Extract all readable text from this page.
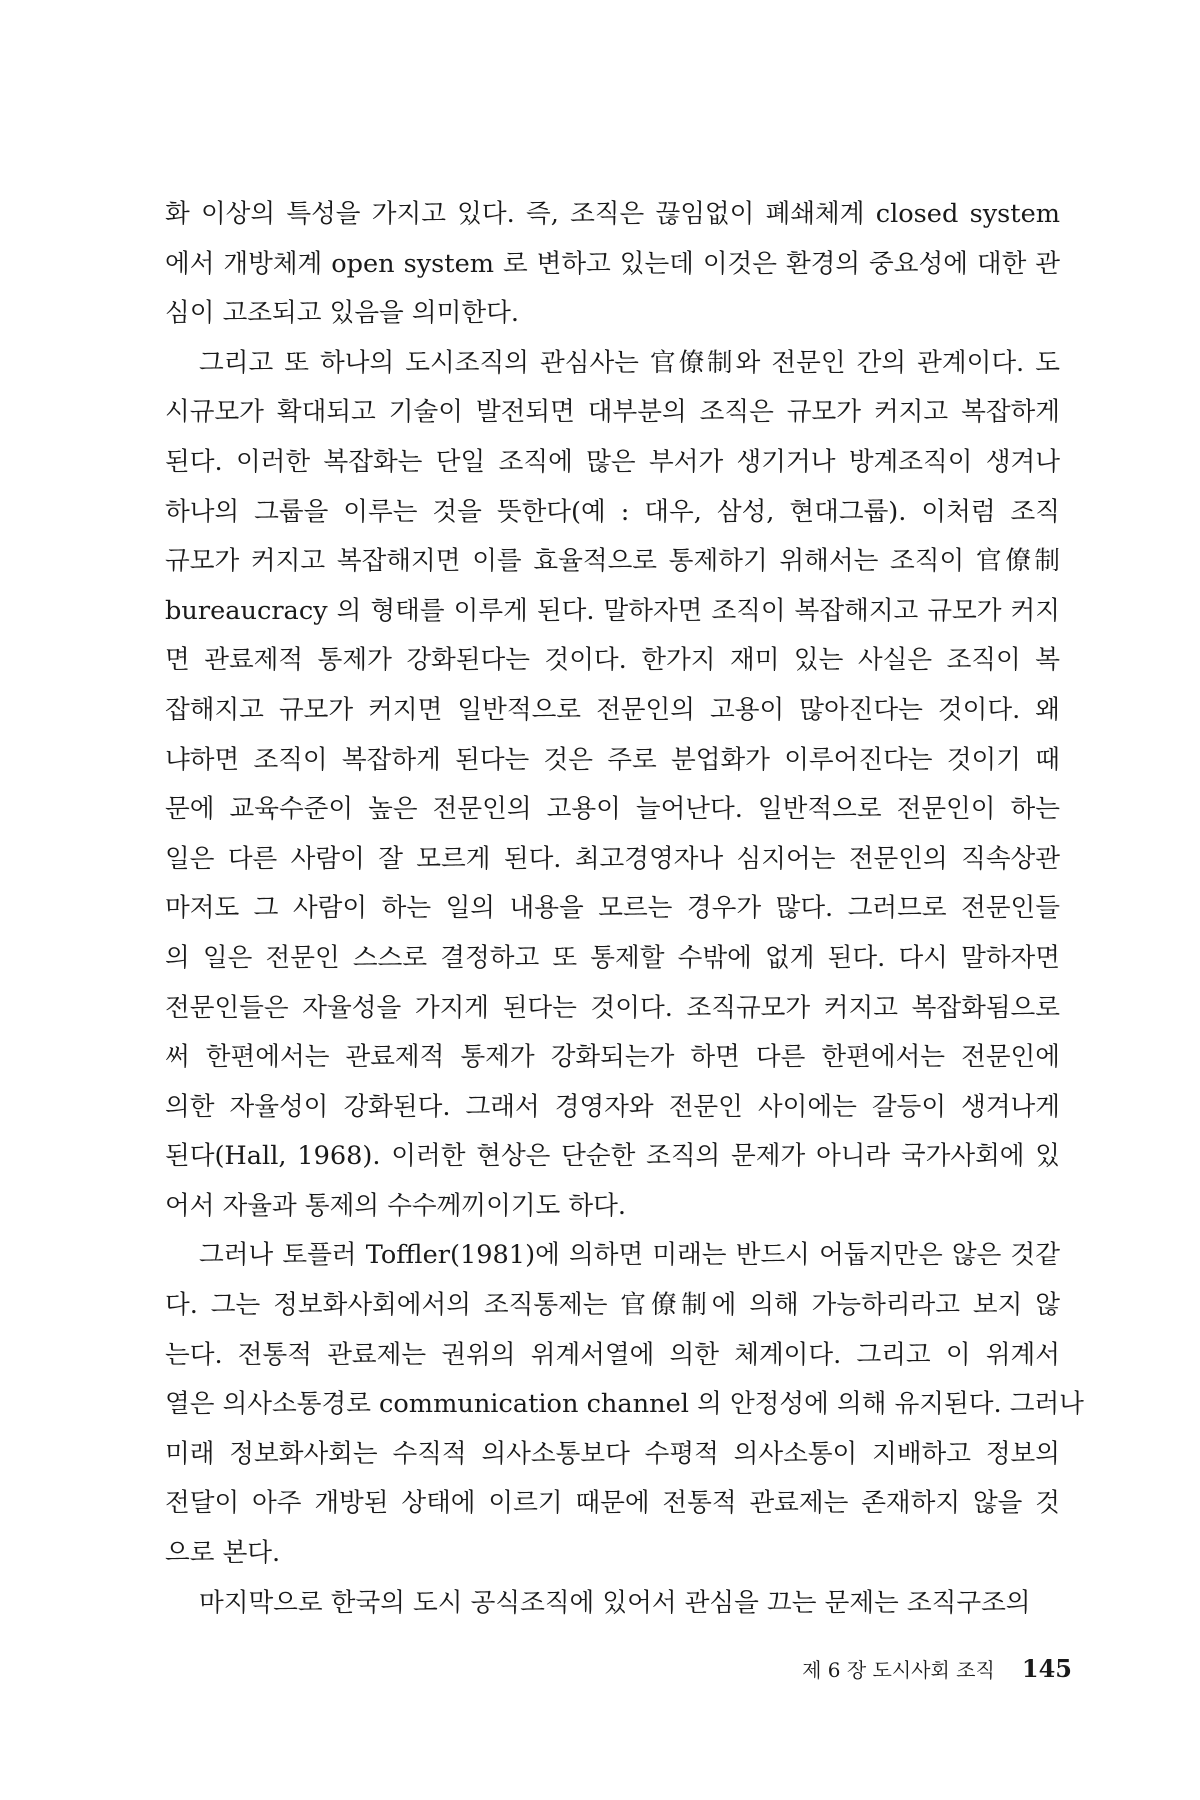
화 이상의 특성을 가지고 있다. 즉, 조직은 끊임없이 폐쇄체계 closed system
에서 개방체계 open system 로 변하고 있는데 이것은 환경의 중요성에 대한 관
심이 고조되고 있음을 의미한다.
그리고 또 하나의 도시조직의 관심사는 官僚制와 전문인 간의 관계이다. 도
시규모가 확대되고 기술이 발전되면 대부분의 조직은 규모가 커지고 복잡하게
된다. 이러한 복잡화는 단일 조직에 많은 부서가 생기거나 방계조직이 생겨나
하나의 그룹을 이루는 것을 뜻한다(예 : 대우, 삼성, 현대그룹). 이처럼 조직
규모가 커지고 복잡해지면 이를 효율적으로 통제하기 위해서는 조직이 官僚制
bureaucracy 의 형태를 이루게 된다. 말하자면 조직이 복잡해지고 규모가 커지
면 관료제적 통제가 강화된다는 것이다. 한가지 재미 있는 사실은 조직이 복
잡해지고 규모가 커지면 일반적으로 전문인의 고용이 많아진다는 것이다. 왜
냐하면 조직이 복잡하게 된다는 것은 주로 분업화가 이루어진다는 것이기 때
문에 교육수준이 높은 전문인의 고용이 늘어난다. 일반적으로 전문인이 하는
일은 다른 사람이 잘 모르게 된다. 최고경영자나 심지어는 전문인의 직속상관
마저도 그 사람이 하는 일의 내용을 모르는 경우가 많다. 그러므로 전문인들
의 일은 전문인 스스로 결정하고 또 통제할 수밖에 없게 된다. 다시 말하자면
전문인들은 자율성을 가지게 된다는 것이다. 조직규모가 커지고 복잡화됨으로
써 한편에서는 관료제적 통제가 강화되는가 하면 다른 한편에서는 전문인에
의한 자율성이 강화된다. 그래서 경영자와 전문인 사이에는 갈등이 생겨나게
된다(Hall, 1968). 이러한 현상은 단순한 조직의 문제가 아니라 국가사회에 있
어서 자율과 통제의 수수께끼이기도 하다.
그러나 토플러 Toffler(1981)에 의하면 미래는 반드시 어둡지만은 않은 것같
다. 그는 정보화사회에서의 조직통제는 官僚制에 의해 가능하리라고 보지 않
는다. 전통적 관료제는 권위의 위계서열에 의한 체계이다. 그리고 이 위계서
열은 의사소통경로 communication channel 의 안정성에 의해 유지된다. 그러나
미래 정보화사회는 수직적 의사소통보다 수평적 의사소통이 지배하고 정보의
전달이 아주 개방된 상태에 이르기 때문에 전통적 관료제는 존재하지 않을 것
으로 본다.
마지막으로 한국의 도시 공식조직에 있어서 관심을 끄는 문제는 조직구조의
제 6 장 도시사회 조직 145
